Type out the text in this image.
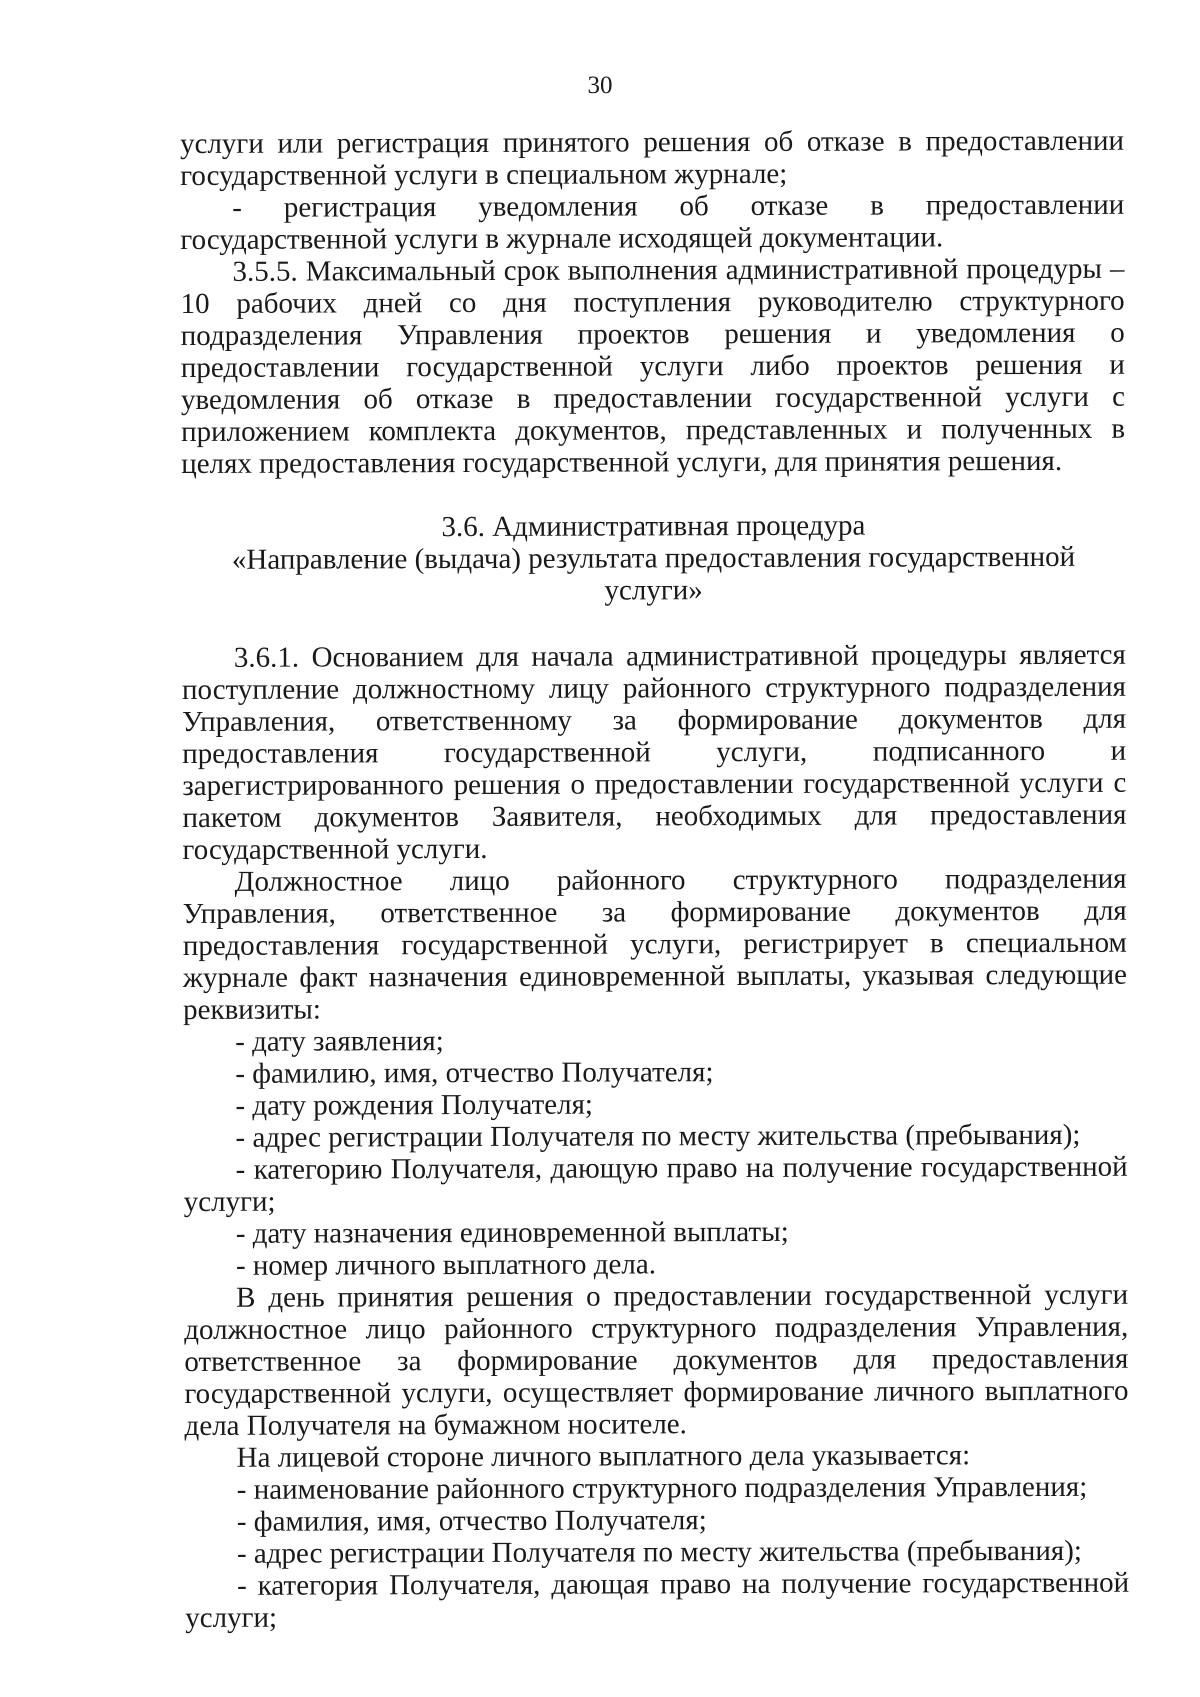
30

услуги или регистрация принятого решения об отказе в предоставлении государственной услуги в специальном журнале;

- регистрация уведомления об отказе в предоставлении государственной услуги в журнале исходящей документации.

3.5.5. Максимальный срок выполнения административной процедуры – 10 рабочих дней со дня поступления руководителю структурного подразделения Управления проектов решения и уведомления о предоставлении государственной услуги либо проектов решения и уведомления об отказе в предоставлении государственной услуги с приложением комплекта документов, представленных и полученных в целях предоставления государственной услуги, для принятия решения.

3.6. Административная процедура

«Направление (выдача) результата предоставления государственной услуги»

3.6.1. Основанием для начала административной процедуры является поступление должностному лицу районного структурного подразделения Управления, ответственному за формирование документов для предоставления государственной услуги, подписанного и зарегистрированного решения о предоставлении государственной услуги с пакетом документов Заявителя, необходимых для предоставления государственной услуги.

Должностное лицо районного структурного подразделения Управления, ответственное за формирование документов для предоставления государственной услуги, регистрирует в специальном журнале факт назначения единовременной выплаты, указывая следующие реквизиты:

- дату заявления;

- фамилию, имя, отчество Получателя;

- дату рождения Получателя;

- адрес регистрации Получателя по месту жительства (пребывания);

- категорию Получателя, дающую право на получение государственной услуги;

- дату назначения единовременной выплаты;

- номер личного выплатного дела.

В день принятия решения о предоставлении государственной услуги должностное лицо районного структурного подразделения Управления, ответственное за формирование документов для предоставления государственной услуги, осуществляет формирование личного выплатного дела Получателя на бумажном носителе.

На лицевой стороне личного выплатного дела указывается:

- наименование районного структурного подразделения Управления;

- фамилия, имя, отчество Получателя;

- адрес регистрации Получателя по месту жительства (пребывания);

- категория Получателя, дающая право на получение государственной услуги;
